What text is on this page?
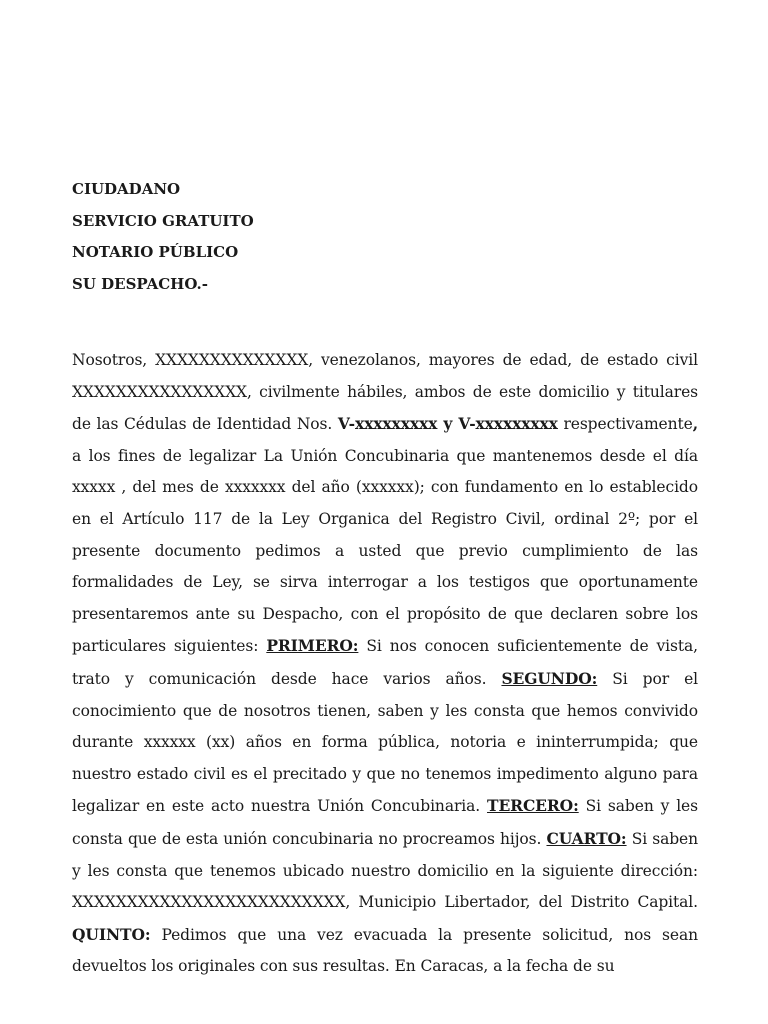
CIUDADANO
SERVICIO GRATUITO
NOTARIO PÚBLICO
SU DESPACHO.-
Nosotros, XXXXXXXXXXXXXX, venezolanos, mayores de edad, de estado civil XXXXXXXXXXXXXXXX, civilmente hábiles, ambos de este domicilio y titulares de las Cédulas de Identidad Nos. V-xxxxxxxxx y V-xxxxxxxxx respectivamente, a los fines de legalizar La Unión Concubinaria que mantenemos desde el día xxxxx , del mes de xxxxxxx del año (xxxxxx); con fundamento en lo establecido en el Artículo 117 de la Ley Organica del Registro Civil, ordinal 2º; por el presente documento pedimos a usted que previo cumplimiento de las formalidades de Ley, se sirva interrogar a los testigos que oportunamente presentaremos ante su Despacho, con el propósito de que declaren sobre los particulares siguientes: PRIMERO: Si nos conocen suficientemente de vista, trato y comunicación desde hace varios años. SEGUNDO: Si por el conocimiento que de nosotros tienen, saben y les consta que hemos convivido durante xxxxxx (xx) años en forma pública, notoria e ininterrumpida; que nuestro estado civil es el precitado y que no tenemos impedimento alguno para legalizar en este acto nuestra Unión Concubinaria. TERCERO: Si saben y les consta que de esta unión concubinaria no procreamos hijos. CUARTO: Si saben y les consta que tenemos ubicado nuestro domicilio en la siguiente dirección: XXXXXXXXXXXXXXXXXXXXXXXXX, Municipio Libertador, del Distrito Capital. QUINTO: Pedimos que una vez evacuada la presente solicitud, nos sean devueltos los originales con sus resultas. En Caracas, a la fecha de su
